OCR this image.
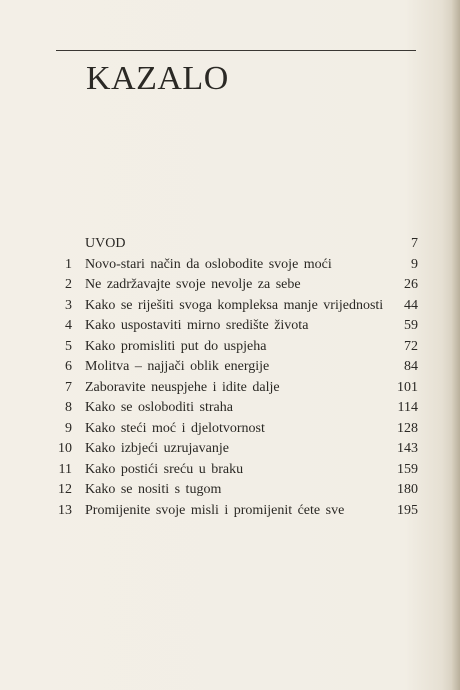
KAZALO
UVOD	7
1 Novo-stari način da oslobodite svoje moći	9
2 Ne zadržavajte svoje nevolje za sebe	26
3 Kako se riješiti svoga kompleksa manje vrijednosti 44
4 Kako uspostaviti mirno središte života	59
5 Kako promisliti put do uspjeha	72
6 Molitva – najjači oblik energije	84
7 Zaboravite neuspjehe i idite dalje	101
8 Kako se osloboditi straha	114
9 Kako steći moć i djelotvornost	128
10 Kako izbjeći uzrujavanje	143
11 Kako postići sreću u braku	159
12 Kako se nositi s tugom	180
13 Promijenite svoje misli i promijenit ćete sve	195
